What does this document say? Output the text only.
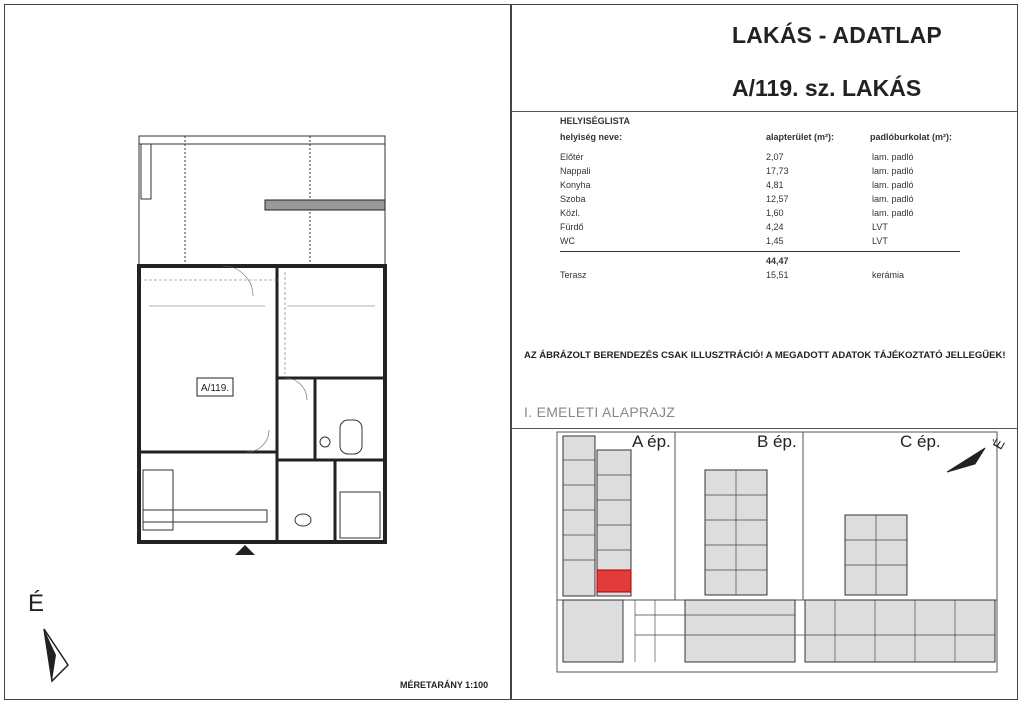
LAKÁS - ADATLAP
A/119. sz. LAKÁS
HELYISÉGLISTA
helyiség neve:	alapterület (m²):	padlóburkolat (m²):
Előtér	2,07	lam. padló
Nappali	17,73	lam. padló
Konyha	4,81	lam. padló
Szoba	12,57	lam. padló
Közl.	1,60	lam. padló
Fürdő	4,24	LVT
WC	1,45	LVT
44,47
Terasz	15,51	kerámia
AZ ÁBRÁZOLT BERENDEZÉS CSAK ILLUSZTRÁCIÓ! A MEGADOTT ADATOK TÁJÉKOZTATÓ JELLEGŰEK!
I. EMELETI ALAPRAJZ
A ép.	B ép.	C ép.	É
A/119.
É
MÉRETARÁNY 1:100
